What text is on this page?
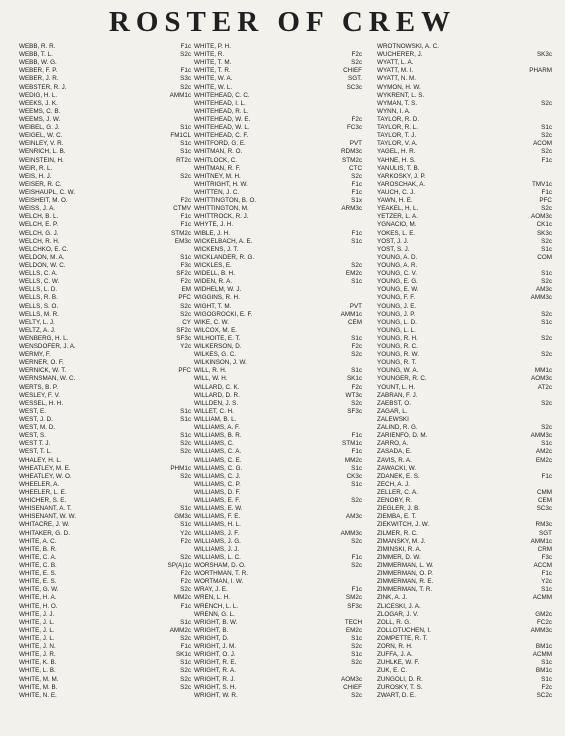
ROSTER OF CREW
WEBB, R. R.	F1c
WEBB, T. L.	S2c
WEBB, W. G.
WEBER, F. P.	F1c
WEBER, J. R.	S3c
WEBSTER, R. J.	S2c
WEDIG, H. L.	AMM1c
WEEKS, J. K.
WEEMS, C. B.
WEEMS, J. W.
WEIBEL, G. J.	S1c
WEIGEL, W. C.	FM1CL
WEINLEY, V. R.	S1c
WENRICH, L. B.	S1c
WEINSTEIN, H.	RT2c
WEIR, R. L.
WEIS, H. J.	S2c
WEISER, R. C.
WEISHAUPL, C. W.
WEISHEIT, M. O.	F2c
WEISS, J. A.	CTMV
WELCH, B. L.	F1c
WELCH, E. P.	F1c
WELCH, G. J.	STM2c
WELCH, R. H.	EM3c
WELCHKO, E. C.
WELDON, M. A.	S1c
WELDON, W. C.	F3c
WELLS, C. A.	SF2c
WELLS, C. W.	F2c
WELLS, L. D.	EM
WELLS, R. B.	PFC
WELLS, S. O.	S2c
WELLS, M. R.	S2c
WELTY, L. J.	CY
WELTZ, A. J.	SF2c
WENBERG, H. L.	SF3c
WENSDOFER, J. A.	Y2c
WERMY, F.
WERNER, O. F.
WERNICK, W. T.	PFC
WERNSMAN, W. C.
WERTS, B. P.
WESLEY, F. V.
WESSEL, H. H.
WEST, E.	S1c
WEST, J. D.	S1c
WEST, M. D.
WEST, S.	S1c
WEST T. J.	S2c
WEST, T. L.	S2c
WHALEY, H. L.
WHEATLEY, M. E.	PHM1c
WHEATLEY, W. O.	S2c
WHEELER, A.
WHEELER, L. E.
WHICHER, S. E.
WHISENANT, A. T.	S1c
WHISENANT, W. W.	GM3c
WHITACRE, J. W.	S1c
WHITAKER, G. D.	Y2c
WHITE, A. C.	F2c
WHITE, B. R.
WHITE, C. A.	S2c
WHITE, C. B.	SP(A)1c
WHITE, E. S.	F2c
WHITE, E. S.	F2c
WHITE, G. W.	S2c
WHITE, H. A.	MM2c
WHITE, H. O.	F1c
WHITE, J. J.
WHITE, J. L.	S1c
WHITE, J. L.	AMM2c
WHITE, J. L.	S2c
WHITE, J. N.	F1c
WHITE, J. R.	SK1c
WHITE, K. B.	S1c
WHITE, L. B.	S2c
WHITE, M. M.	S2c
WHITE, M. B.	S2c
WHITE, N. E.
WHITE, P. H.
WHITE, R.	F2c
WHITE, T. M.	S2c
WHITE, T. R.	CHIEF
WHITE, W. A.	SGT.
WHITE, W. L.	SC3c
WHITEHEAD, C. C.
WHITEHEAD, I. L.
WHITEHEAD, R. L.
WHITEHEAD, W. E.	F2c
WHITEHEAD, W. L.	FC3c
WHITEHEAD, C. F.
WHITFORD, G. E.	PVT
WHITMAN, R. O.	RDM3c
WHITLOCK, C.	STM2c
WHITMAN, R. F.	CTC
WHITNEY, M. H.	S2c
WHITRIGHT, H. W.	F1c
WHITTEN, J. C.	F1c
WHITTINGTON, B. O.	S1x
WHITTINGTON, M.	ARM3c
WHITTROCK, R. J.
WHYTE, J. H.
WIBLE, J. H.	F1c
WICKELBACH, A. E.	S1c
WICKENS, J. T.
WICKLANDER, R. G.
WICKLES, E.	S2c
WIDELL, B. H.	EM2c
WIDEN, R. A.	S1c
WIDHELM, W. J.
WIGGINS, R. H.
WIGHT, T. M.	PVT
WIGOGROCKI, E. F.	AMM1c
WIKE, C. W.	CEM
WILCOX, M. E.
WILHOITE, E. T.	S1c
WILKERSON, D.	F2c
WILKES, G. C.	S2c
WILKINSON, J. W.
WILL, R. H.	S1c
WILL, W. H.	SK1c
WILLARD, C. K.	F2c
WILLARD, D. R.	WT3c
WILLDEN, J. S.	S2c
WILLET, C. H.	SF3c
WILLIAM, B. L.
WILLIAMS, A. F.
WILLIAMS, B. R.	F1c
WILLIAMS, C.	STM1c
WILLIAMS, C. A.	F1c
WILLIAMS, C. E.	MM2c
WILLIAMS, C. G.	S1c
WILLIAMS, C. J.	CK3c
WILLIAMS, C. P.	S1c
WILLIAMS, D. F.
WILLIAMS, E. F.	S2c
WILLIAMS, E. W.
WILLIAMS, F. E.	AM3c
WILLIAMS, H. L.
WILLIAMS, J. F.	AMM3c
WILLIAMS, J. G.	S2c
WILLIAMS, J. J.
WILLIAMS, L. C.	F1c
WORSHAM, D. O.	S2c
WORTHMAN, T. R.
WORTMAN, I. W.
WRAY, J. E.	F1c
WREN, L. H.	SM2c
WRENCH, L. L.	SF3c
WRENN, G. L.
WRIGHT, B. W.	TECH
WRIGHT, B.	EM2c
WRIGHT, D.	S1c
WRIGHT, J. M.	S2c
WRIGHT, O. J.	S1c
WRIGHT, R. E.	S2c
WRIGHT, R. A.
WRIGHT, R. J.	AOM3c
WRIGHT, S. H.	CHIEF
WRIGHT, W. R.	S2c
WROTNOWSKI, A. C.
WUCHERER, J.	SK3c
WYATT, L. A.
WYATT, M. I.	PHARM
WYATT, N. M.
WYMON, H. W.
WYKRENT, L. S.
WYMAN, T. S.	S2c
WYNN, I. A.
TAYLOR, R. D.
TAYLOR, R. L.	S1c
TAYLOR, T. J.	S2c
TAYLOR, V. A.	ACOM
YAGEL, H. R.	S2c
YAHNE, H. S.	F1c
YANULIS, T. B.
YARKOSKY, J. P.
YAROSCHAK, A.	TMV1c
YAUCH, C. J.	F1c
YAWN, H. E.	PFC
YEAKEL, H. L.	S2c
YETZER, L. A.	AOM3c
YGNACIO, M.	CK1c
YOKES, L. E.	SK3c
YOST, J. J.	S2c
YOST, S. J.	S1c
YOUNG, A. D.	COM
YOUNG, A. R.
YOUNG, C. V.	S1c
YOUNG, E. G.	S2c
YOUNG, E. W.	AM3c
YOUNG, F. F.	AMM3c
YOUNG, J. E.
YOUNG, J. P.	S2c
YOUNG, L. D.	S1c
YOUNG, L. L.
YOUNG, R. H.	S2c
YOUNG, R. C.
YOUNG, R. W.	S2c
YOUNG, R. T.
YOUNG, W. A.	MM1c
YOUNGER, R. C.	AOM3c
YOUNT, L. H.	AT2c
ZABRAN, F. J.
ZAEBST, O.	S2c
ZAGAR, L.
ZALEWSKI
ZALIND, R. G.	S2c
ZARIENFO, D. M.	AMM3c
ZARRO, A.	S1c
ZASADA, E.	AM2c
ZAVIS, R. A.	EM2c
ZAWACKI, W.
ZDANEK, E. S.	F1c
ZECH, A. J.
ZELLER, C. A.	CMM
ZENOBY, R.	CEM
ZIEGLER, J. B.	SC3c
ZIEMBA, E. T.
ZIEKWITCH, J. W.	RM3c
ZILMER, R. C.	SGT
ZIMANSKY, M. J.	AMM1c
ZIMINSKI, R. A.	CRM
ZIMMER, D. W.	F3c
ZIMMERMAN, L. W.	ACCM
ZIMMERMAN, O. P.	F1c
ZIMMERMAN, R. E.	Y2c
ZIMMERMAN, T. R.	S1c
ZINK, A. J.	ACMM
ZLICESKI, J. A.
ZLOGAR, J. V.	GM2c
ZOLL, R. G.	FC2c
ZOLLOTUCHEN, I.	AMM3c
ZOMPETTE, R. T.
ZORN, R. H.	BM1c
ZUFFA, J. A.	ACMM
ZUHLKE, W. F.	S1c
ZUK, E. C.	BM1c
ZUNGOLI, D. R.	S1c
ZUROSKY, T. S.	F2c
ZWART, D. E.	SC2c
